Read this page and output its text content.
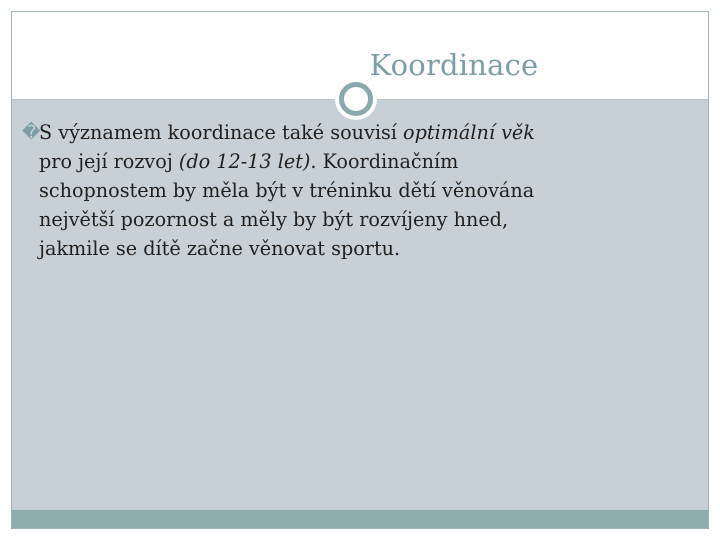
Koordinace
�
S významem koordinace také souvisí optimální věk
pro její rozvoj (do 12-13 let). Koordinačním
schopnostem by měla být v tréninku dětí věnována
největší pozornost a měly by být rozvíjeny hned,
jakmile se dítě začne věnovat sportu.
